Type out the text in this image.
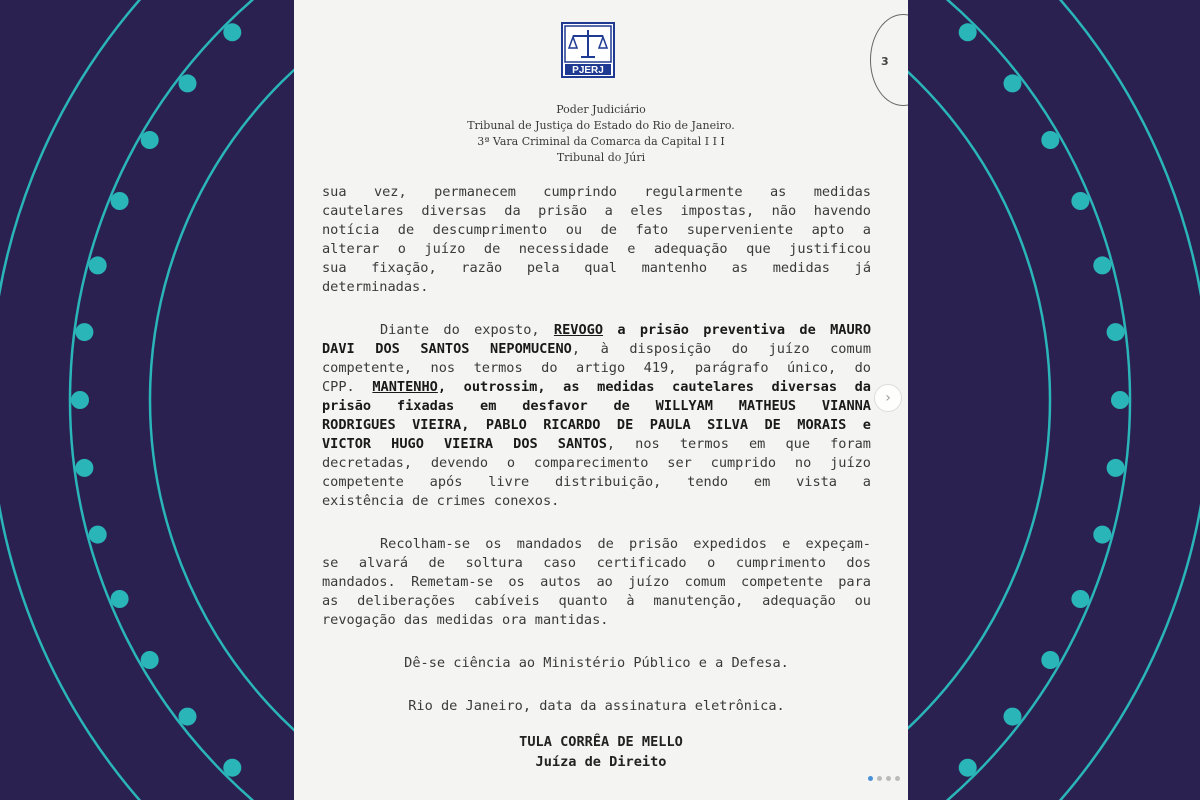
PJERJ
3
Poder Judiciário
Tribunal de Justiça do Estado do Rio de Janeiro.
3ª Vara Criminal da Comarca da Capital I I I
Tribunal do Júri
sua vez, permanecem cumprindo regularmente as medidas
cautelares diversas da prisão a eles impostas, não havendo
notícia de descumprimento ou de fato superveniente apto a
alterar o juízo de necessidade e adequação que justificou
sua fixação, razão pela qual mantenho as medidas já
determinadas.
Diante do exposto, REVOGO a prisão preventiva de MAURO
DAVI DOS SANTOS NEPOMUCENO, à disposição do juízo comum
competente, nos termos do artigo 419, parágrafo único, do
CPP. MANTENHO, outrossim, as medidas cautelares diversas da
prisão fixadas em desfavor de WILLYAM MATHEUS VIANNA
RODRIGUES VIEIRA, PABLO RICARDO DE PAULA SILVA DE MORAIS e
VICTOR HUGO VIEIRA DOS SANTOS, nos termos em que foram
decretadas, devendo o comparecimento ser cumprido no juízo
competente após livre distribuição, tendo em vista a
existência de crimes conexos.
Recolham-se os mandados de prisão expedidos e expeçam-
se alvará de soltura caso certificado o cumprimento dos
mandados. Remetam-se os autos ao juízo comum competente para
as deliberações cabíveis quanto à manutenção, adequação ou
revogação das medidas ora mantidas.
Dê-se ciência ao Ministério Público e a Defesa.
Rio de Janeiro, data da assinatura eletrônica.
TULA CORRÊA DE MELLO
Juíza de Direito
›
